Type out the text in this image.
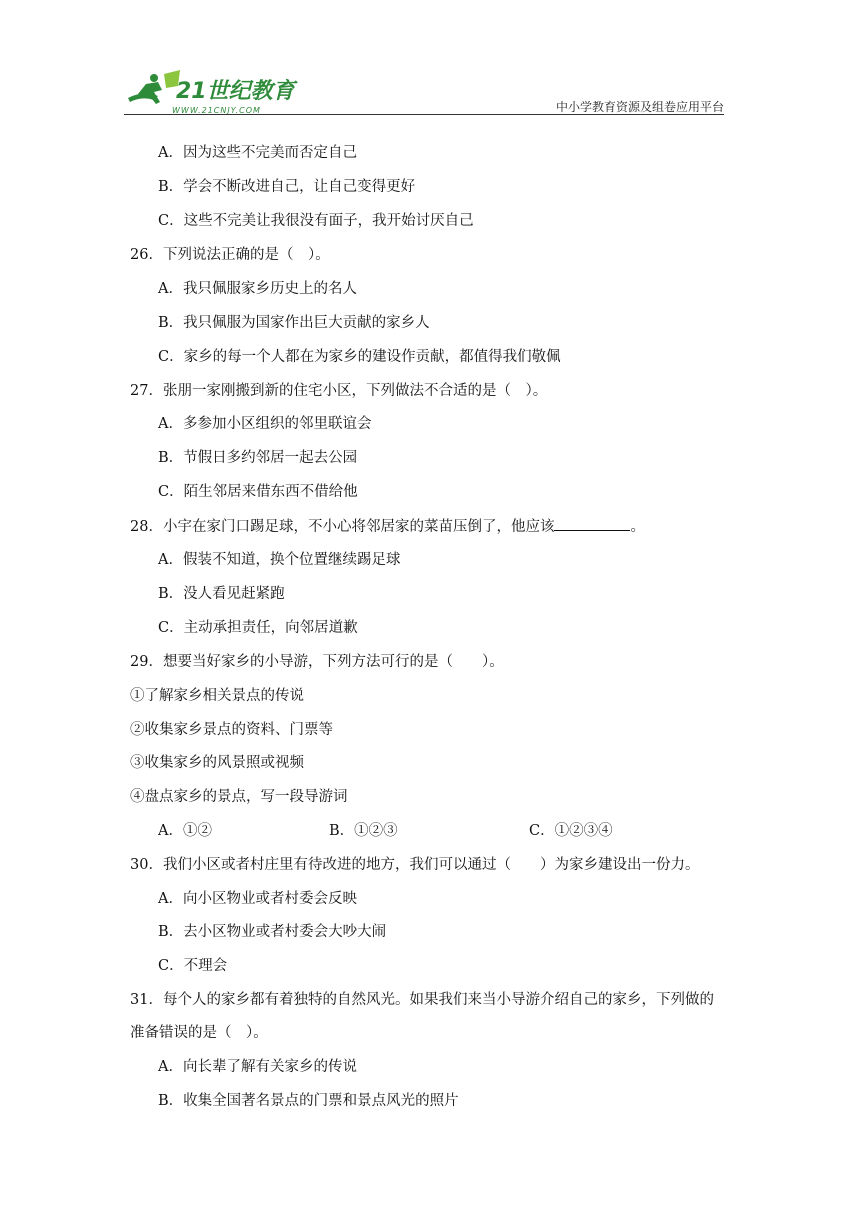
21世纪教育
WWW.21CNJY.COM	中小学教育资源及组卷应用平台
A．因为这些不完美而否定自己
B．学会不断改进自己，让自己变得更好
C．这些不完美让我很没有面子，我开始讨厌自己
26．下列说法正确的是（　）。
A．我只佩服家乡历史上的名人
B．我只佩服为国家作出巨大贡献的家乡人
C．家乡的每一个人都在为家乡的建设作贡献，都值得我们敬佩
27．张朋一家刚搬到新的住宅小区，下列做法不合适的是（　）。
A．多参加小区组织的邻里联谊会
B．节假日多约邻居一起去公园
C．陌生邻居来借东西不借给他
28．小宇在家门口踢足球，不小心将邻居家的菜苗压倒了，他应该	。
A．假装不知道，换个位置继续踢足球
B．没人看见赶紧跑
C．主动承担责任，向邻居道歉
29．想要当好家乡的小导游，下列方法可行的是（　　）。
①了解家乡相关景点的传说
②收集家乡景点的资料、门票等
③收集家乡的风景照或视频
④盘点家乡的景点，写一段导游词
A．①②	B．①②③	C．①②③④
30．我们小区或者村庄里有待改进的地方，我们可以通过（　　）为家乡建设出一份力。
A．向小区物业或者村委会反映
B．去小区物业或者村委会大吵大闹
C．不理会
31．每个人的家乡都有着独特的自然风光。如果我们来当小导游介绍自己的家乡，下列做的
准备错误的是（　）。
A．向长辈了解有关家乡的传说
B．收集全国著名景点的门票和景点风光的照片
